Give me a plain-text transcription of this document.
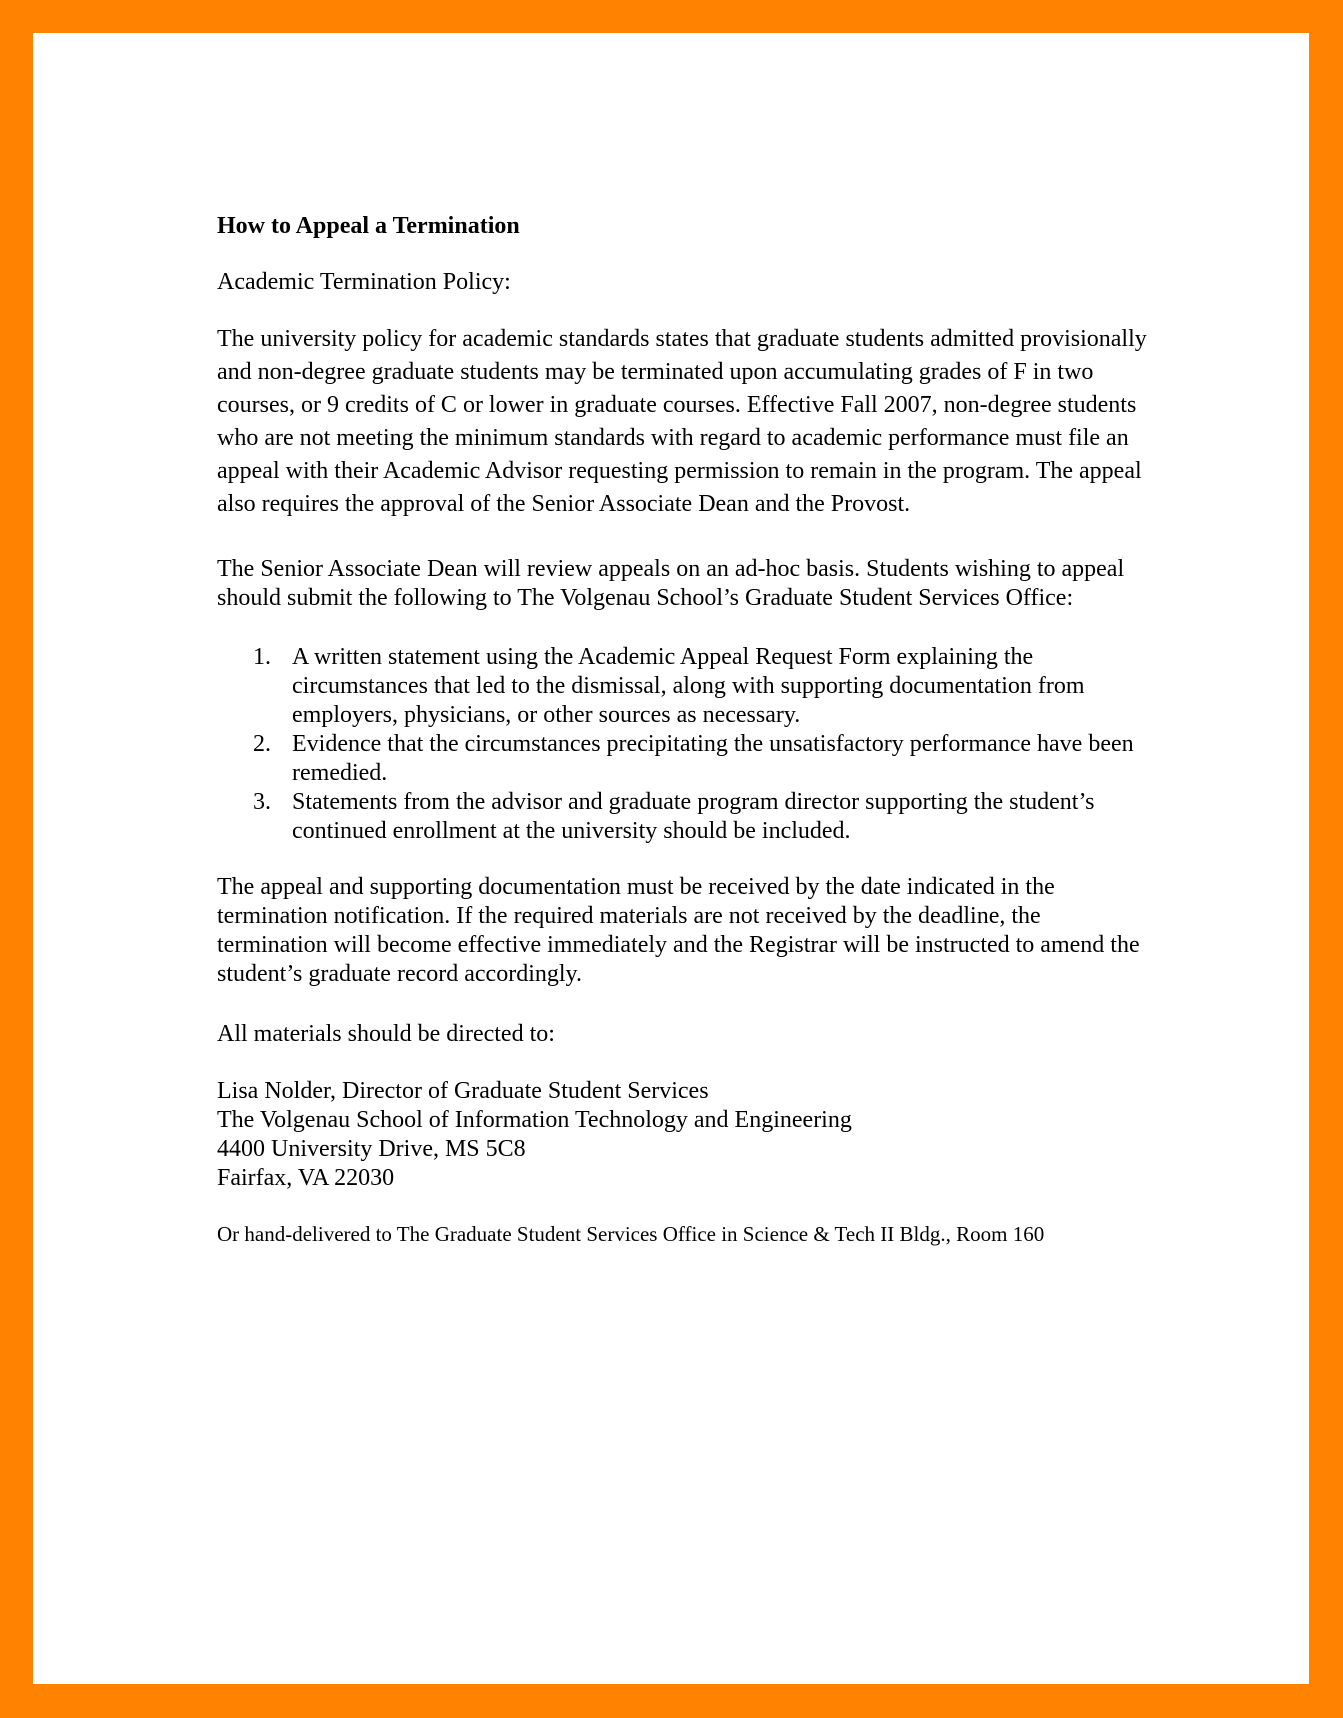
How to Appeal a Termination

Academic Termination Policy:

The university policy for academic standards states that graduate students admitted provisionally
and non-degree graduate students may be terminated upon accumulating grades of F in two
courses, or 9 credits of C or lower in graduate courses. Effective Fall 2007, non-degree students
who are not meeting the minimum standards with regard to academic performance must file an
appeal with their Academic Advisor requesting permission to remain in the program. The appeal
also requires the approval of the Senior Associate Dean and the Provost.

The Senior Associate Dean will review appeals on an ad-hoc basis. Students wishing to appeal
should submit the following to The Volgenau School’s Graduate Student Services Office:

1. A written statement using the Academic Appeal Request Form explaining the
circumstances that led to the dismissal, along with supporting documentation from
employers, physicians, or other sources as necessary.
2. Evidence that the circumstances precipitating the unsatisfactory performance have been
remedied.
3. Statements from the advisor and graduate program director supporting the student’s
continued enrollment at the university should be included.

The appeal and supporting documentation must be received by the date indicated in the
termination notification. If the required materials are not received by the deadline, the
termination will become effective immediately and the Registrar will be instructed to amend the
student’s graduate record accordingly.

All materials should be directed to:

Lisa Nolder, Director of Graduate Student Services
The Volgenau School of Information Technology and Engineering
4400 University Drive, MS 5C8
Fairfax, VA 22030

Or hand-delivered to The Graduate Student Services Office in Science & Tech II Bldg., Room 160
